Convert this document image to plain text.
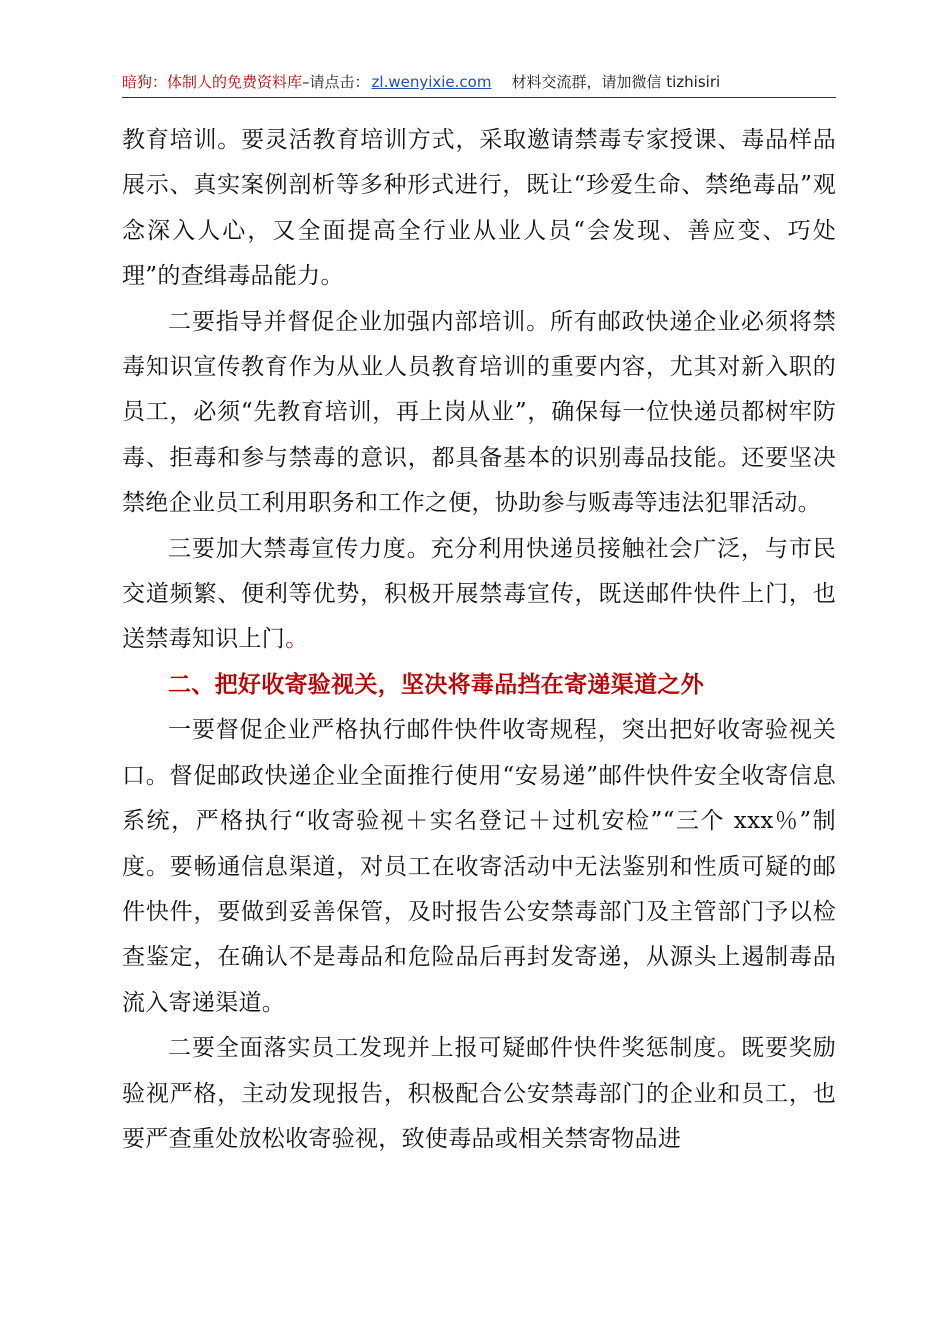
暗狗：体制人的免费资料库–请点击： zl.wenyixie.com 材料交流群，请加微信 tizhisiri

教育培训。要灵活教育培训方式，采取邀请禁毒专家授课、毒品样品展示、真实案例剖析等多种形式进行，既让“珍爱生命、禁绝毒品”观念深入人心，又全面提高全行业从业人员“会发现、善应变、巧处理”的查缉毒品能力。

二要指导并督促企业加强内部培训。所有邮政快递企业必须将禁毒知识宣传教育作为从业人员教育培训的重要内容，尤其对新入职的员工，必须“先教育培训，再上岗从业”，确保每一位快递员都树牢防毒、拒毒和参与禁毒的意识，都具备基本的识别毒品技能。还要坚决禁绝企业员工利用职务和工作之便，协助参与贩毒等违法犯罪活动。

三要加大禁毒宣传力度。充分利用快递员接触社会广泛，与市民交道频繁、便利等优势，积极开展禁毒宣传，既送邮件快件上门，也送禁毒知识上门。

二、把好收寄验视关，坚决将毒品挡在寄递渠道之外

一要督促企业严格执行邮件快件收寄规程，突出把好收寄验视关口。督促邮政快递企业全面推行使用“安易递”邮件快件安全收寄信息系统，严格执行“收寄验视＋实名登记＋过机安检”“三个 xxx％”制度。要畅通信息渠道，对员工在收寄活动中无法鉴别和性质可疑的邮件快件，要做到妥善保管，及时报告公安禁毒部门及主管部门予以检查鉴定，在确认不是毒品和危险品后再封发寄递，从源头上遏制毒品流入寄递渠道。

二要全面落实员工发现并上报可疑邮件快件奖惩制度。既要奖励验视严格，主动发现报告，积极配合公安禁毒部门的企业和员工，也要严查重处放松收寄验视，致使毒品或相关禁寄物品进
